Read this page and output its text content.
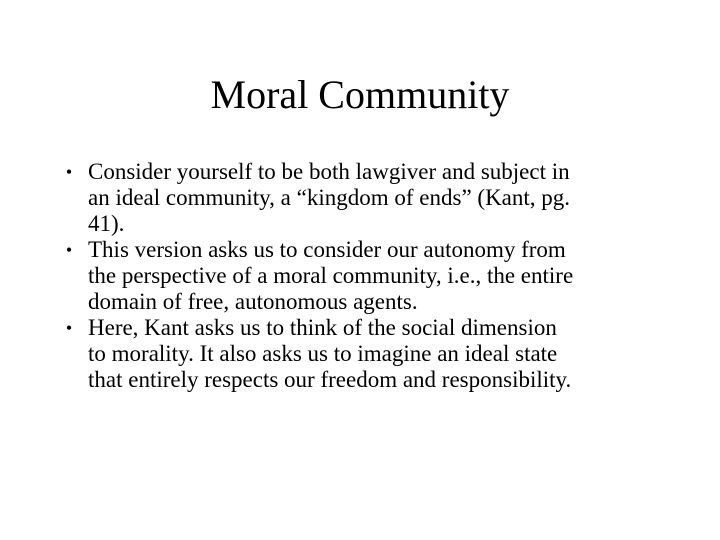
Moral Community
• Consider yourself to be both lawgiver and subject in
an ideal community, a “kingdom of ends” (Kant, pg.
41).
• This version asks us to consider our autonomy from
the perspective of a moral community, i.e., the entire
domain of free, autonomous agents.
• Here, Kant asks us to think of the social dimension
to morality. It also asks us to imagine an ideal state
that entirely respects our freedom and responsibility.
